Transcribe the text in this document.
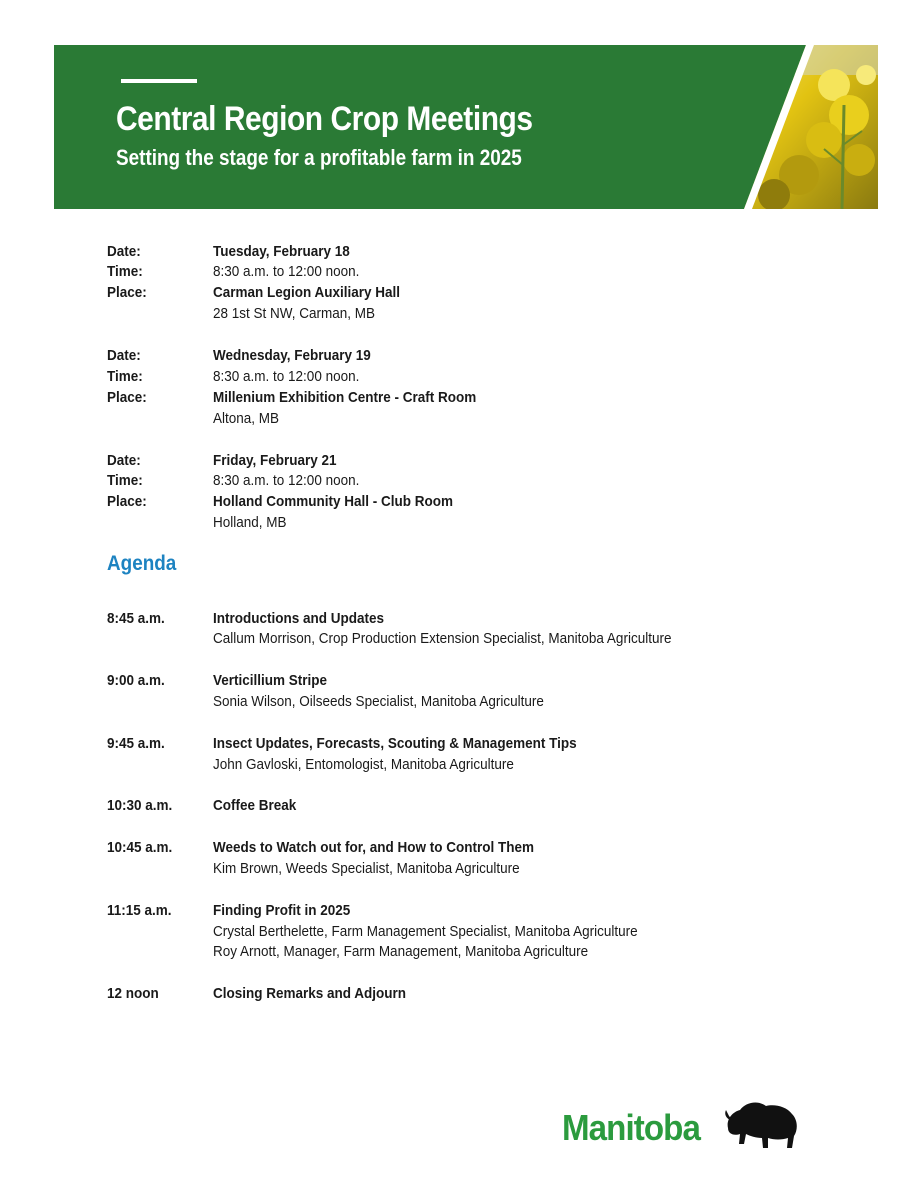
Central Region Crop Meetings
Setting the stage for a profitable farm in 2025
Date:	Tuesday, February 18
Time:	8:30 a.m. to 12:00 noon.
Place:	Carman Legion Auxiliary Hall
28 1st St NW, Carman, MB
Date:	Wednesday, February 19
Time:	8:30 a.m. to 12:00 noon.
Place:	Millenium Exhibition Centre - Craft Room
Altona, MB
Date:	Friday, February 21
Time:	8:30 a.m. to 12:00 noon.
Place:	Holland Community Hall - Club Room
Holland, MB
Agenda
8:45 a.m.	Introductions and Updates
Callum Morrison, Crop Production Extension Specialist, Manitoba Agriculture
9:00 a.m.	Verticillium Stripe
Sonia Wilson, Oilseeds Specialist, Manitoba Agriculture
9:45 a.m.	Insect Updates, Forecasts, Scouting & Management Tips
John Gavloski, Entomologist, Manitoba Agriculture
10:30 a.m.	Coffee Break
10:45 a.m.	Weeds to Watch out for, and How to Control Them
Kim Brown, Weeds Specialist, Manitoba Agriculture
11:15 a.m.	Finding Profit in 2025
Crystal Berthelette, Farm Management Specialist, Manitoba Agriculture
Roy Arnott, Manager, Farm Management, Manitoba Agriculture
12 noon	Closing Remarks and Adjourn
Manitoba
